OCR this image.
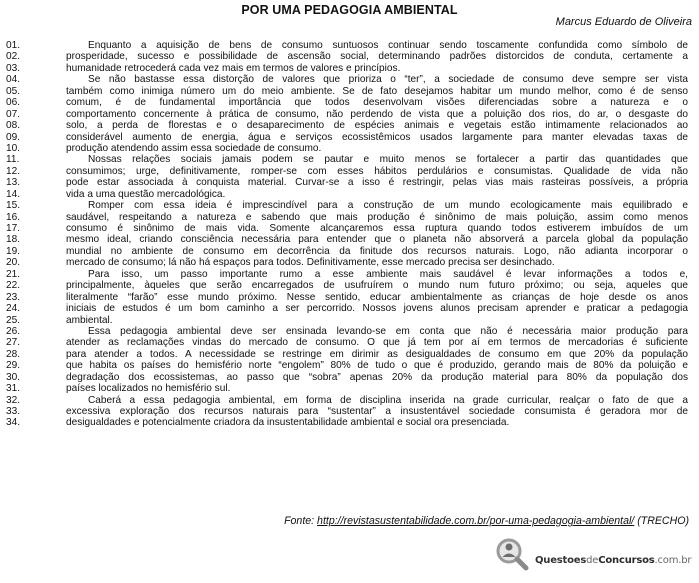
POR UMA PEDAGOGIA AMBIENTAL
Marcus Eduardo de Oliveira
01.	Enquanto a aquisição de bens de consumo suntuosos continuar sendo toscamente confundida como símbolo de
02.	prosperidade, sucesso e possibilidade de ascensão social, determinando padrões distorcidos de conduta, certamente a
03.	humanidade retrocederá cada vez mais em termos de valores e princípios.
04.	Se não bastasse essa distorção de valores que prioriza o “ter”, a sociedade de consumo deve sempre ser vista
05.	também como inimiga número um do meio ambiente. Se de fato desejamos habitar um mundo melhor, como é de senso
06.	comum, é de fundamental importância que todos desenvolvam visões diferenciadas sobre a natureza e o
07.	comportamento concernente à prática de consumo, não perdendo de vista que a poluição dos rios, do ar, o desgaste do
08.	solo, a perda de florestas e o desaparecimento de espécies animais e vegetais estão intimamente relacionados ao
09.	considerável aumento de energia, água e serviços ecossistêmicos usados largamente para manter elevadas taxas de
10.	produção atendendo assim essa sociedade de consumo.
11.	Nossas relações sociais jamais podem se pautar e muito menos se fortalecer a partir das quantidades que
12.	consumimos; urge, definitivamente, romper-se com esses hábitos perdulários e consumistas. Qualidade de vida não
13.	pode estar associada à conquista material. Curvar-se a isso é restringir, pelas vias mais rasteiras possíveis, a própria
14.	vida a uma questão mercadológica.
15.	Romper com essa ideia é imprescindível para a construção de um mundo ecologicamente mais equilibrado e
16.	saudável, respeitando a natureza e sabendo que mais produção é sinônimo de mais poluição, assim como menos
17.	consumo é sinônimo de mais vida. Somente alcançaremos essa ruptura quando todos estiverem imbuídos de um
18.	mesmo ideal, criando consciência necessária para entender que o planeta não absorverá a parcela global da população
19.	mundial no ambiente de consumo em decorrência da finitude dos recursos naturais. Logo, não adianta incorporar o
20.	mercado de consumo; lá não há espaços para todos. Definitivamente, esse mercado precisa ser desinchado.
21.	Para isso, um passo importante rumo a esse ambiente mais saudável é levar informações a todos e,
22.	principalmente, àqueles que serão encarregados de usufruírem o mundo num futuro próximo; ou seja, aqueles que
23.	literalmente “farão” esse mundo próximo. Nesse sentido, educar ambientalmente as crianças de hoje desde os anos
24.	iniciais de estudos é um bom caminho a ser percorrido. Nossos jovens alunos precisam aprender e praticar a pedagogia
25.	ambiental.
26.	Essa pedagogia ambiental deve ser ensinada levando-se em conta que não é necessária maior produção para
27.	atender as reclamações vindas do mercado de consumo. O que já tem por aí em termos de mercadorias é suficiente
28.	para atender a todos. A necessidade se restringe em dirimir as desigualdades de consumo em que 20% da população
29.	que habita os países do hemisfério norte “engolem” 80% de tudo o que é produzido, gerando mais de 80% da poluição e
30.	degradação dos ecossistemas, ao passo que “sobra” apenas 20% da produção material para 80% da população dos
31.	países localizados no hemisfério sul.
32.	Caberá a essa pedagogia ambiental, em forma de disciplina inserida na grade curricular, realçar o fato de que a
33.	excessiva exploração dos recursos naturais para “sustentar” a insustentável sociedade consumista é geradora mor de
34.	desigualdades e potencialmente criadora da insustentabilidade ambiental e social ora presenciada.
Fonte: http://revistasustentabilidade.com.br/por-uma-pedagogia-ambiental/ (TRECHO)
QuestoesdeConcursos.com.br
